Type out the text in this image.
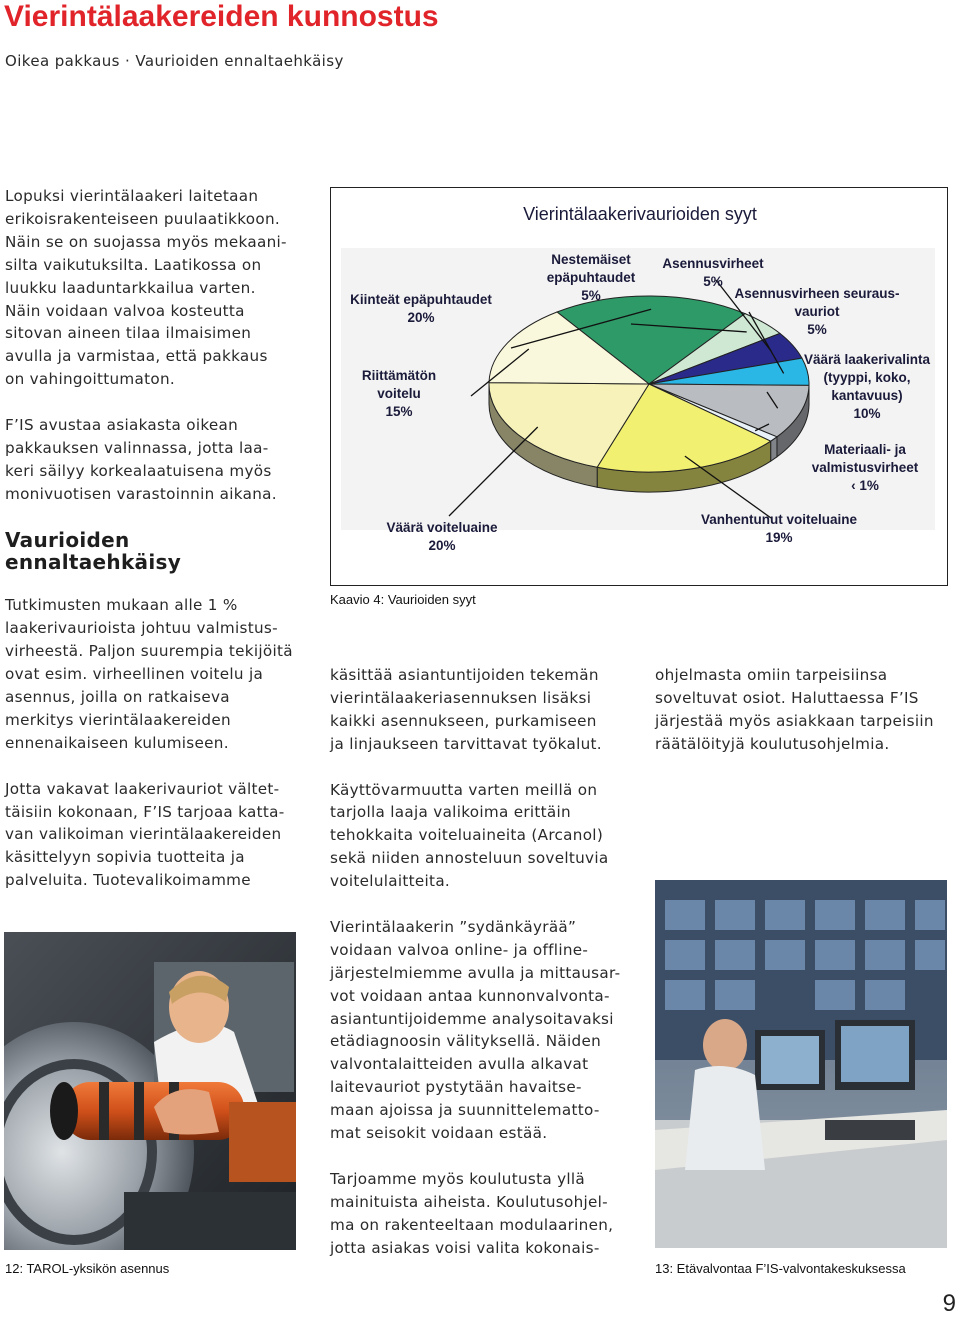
Vierintälaakereiden kunnostus
Oikea pakkaus · Vaurioiden ennaltaehkäisy

Lopuksi vierintälaakeri laitetaan
erikoisrakenteiseen puulaatikkoon.
Näin se on suojassa myös mekaani-
silta vaikutuksilta. Laatikossa on
luukku laaduntarkkailua varten.
Näin voidaan valvoa kosteutta
sitovan aineen tilaa ilmaisimen
avulla ja varmistaa, että pakkaus
on vahingoittumaton.

F’IS avustaa asiakasta oikean
pakkauksen valinnassa, jotta laa-
keri säilyy korkealaatuisena myös
monivuotisen varastoinnin aikana.

Vaurioiden ennaltaehkäisy

Tutkimusten mukaan alle 1 %
laakerivaurioista johtuu valmistus-
virheestä. Paljon suurempia tekijöitä
ovat esim. virheellinen voitelu ja
asennus, joilla on ratkaiseva
merkitys vierintälaakereiden
ennenaikaiseen kulumiseen.

Jotta vakavat laakerivauriot vältet-
täisiin kokonaan, F’IS tarjoaa katta-
van valikoiman vierintälaakereiden
käsittelyyn sopivia tuotteita ja
palveluita. Tuotevalikoimamme

Vierintälaakerivaurioiden syyt
Kiinteät epäpuhtaudet
20%
Nestemäiset
epäpuhtaudet
5%
Asennusvirheet
5%
Asennusvirheen seuraus-
vauriot
5%
Väärä laakerivalinta
(tyyppi, koko,
kantavuus)
10%
Materiaali- ja
valmistusvirheet
‹ 1%
Vanhentunut voiteluaine
19%
Väärä voiteluaine
20%
Riittämätön
voitelu
15%
Kaavio 4: Vaurioiden syyt

käsittää asiantuntijoiden tekemän
vierintälaakeriasennuksen lisäksi
kaikki asennukseen, purkamiseen
ja linjaukseen tarvittavat työkalut.

Käyttövarmuutta varten meillä on
tarjolla laaja valikoima erittäin
tehokkaita voiteluaineita (Arcanol)
sekä niiden annosteluun soveltuvia
voitelulaitteita.

Vierintälaakerin ”sydänkäyrää”
voidaan valvoa online- ja offline-
järjestelmiemme avulla ja mittausar-
vot voidaan antaa kunnonvalvonta-
asiantuntijoidemme analysoitavaksi
etädiagnoosin välityksellä. Näiden
valvontalaitteiden avulla alkavat
laitevauriot pystytään havaitse-
maan ajoissa ja suunnittelematto-
mat seisokit voidaan estää.

Tarjoamme myös koulutusta yllä
mainituista aiheista. Koulutusohjel-
ma on rakenteeltaan modulaarinen,
jotta asiakas voisi valita kokonais-

ohjelmasta omiin tarpeisiinsa
soveltuvat osiot. Haluttaessa F’IS
järjestää myös asiakkaan tarpeisiin
räätälöityjä koulutusohjelmia.

12: TAROL-yksikön asennus	13: Etävalvontaa F’IS-valvontakeskuksessa
9
